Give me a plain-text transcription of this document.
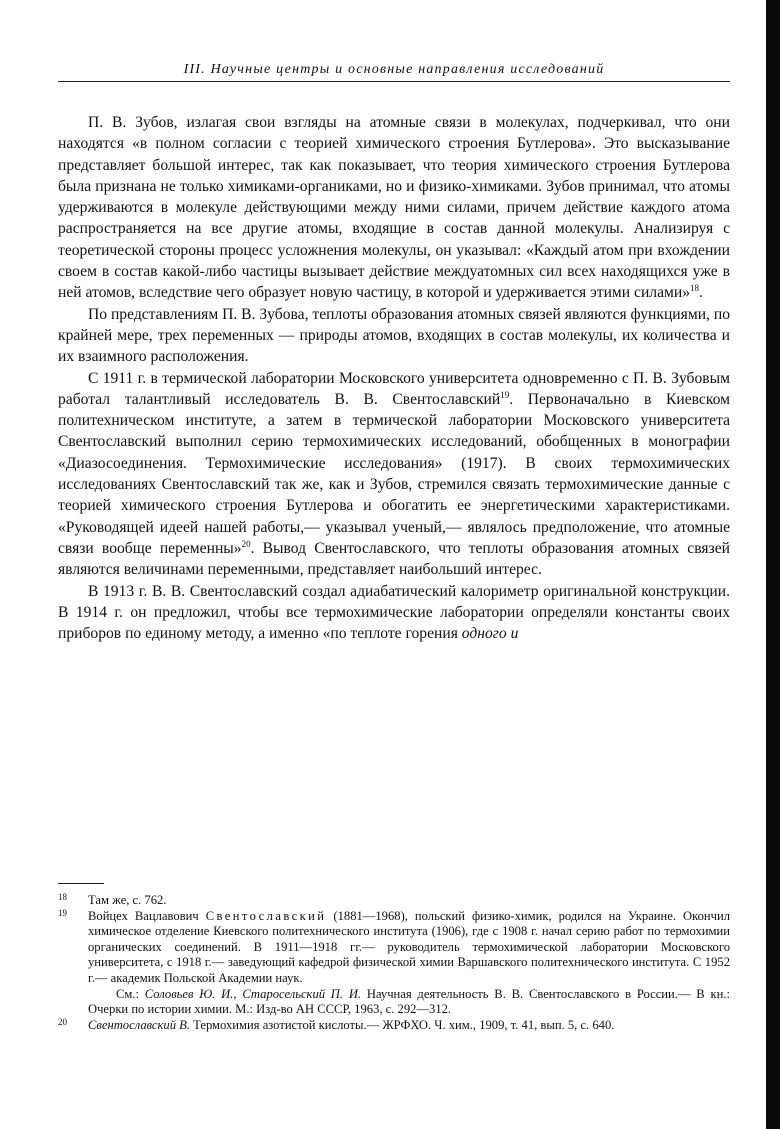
III. Научные центры и основные направления исследований

П. В. Зубов, излагая свои взгляды на атомные связи в молекулах, подчеркивал, что они находятся «в полном согласии с теорией химического строения Бутлерова». Это высказывание представляет большой интерес, так как показывает, что теория химического строения Бутлерова была признана не только химиками-органиками, но и физико-химиками. Зубов принимал, что атомы удерживаются в молекуле действующими между ними силами, причем действие каждого атома распространяется на все другие атомы, входящие в состав данной молекулы. Анализируя с теоретической стороны процесс усложнения молекулы, он указывал: «Каждый атом при вхождении своем в состав какой-либо частицы вызывает действие междуатомных сил всех находящихся уже в ней атомов, вследствие чего образует новую частицу, в которой и удерживается этими силами»$^{18}$.

По представлениям П. В. Зубова, теплоты образования атомных связей являются функциями, по крайней мере, трех переменных — природы атомов, входящих в состав молекулы, их количества и их взаимного расположения.

С 1911 г. в термической лаборатории Московского университета одновременно с П. В. Зубовым работал талантливый исследователь В. В. Свентославский$^{19}$. Первоначально в Киевском политехническом институте, а затем в термической лаборатории Московского университета Свентославский выполнил серию термохимических исследований, обобщенных в монографии «Диазосоединения. Термохимические исследования» (1917). В своих термохимических исследованиях Свентославский так же, как и Зубов, стремился связать термохимические данные с теорией химического строения Бутлерова и обогатить ее энергетическими характеристиками. «Руководящей идеей нашей работы,— указывал ученый,— являлось предположение, что атомные связи вообще переменны»$^{20}$. Вывод Свентославского, что теплоты образования атомных связей являются величинами переменными, представляет наибольший интерес.

В 1913 г. В. В. Свентославский создал адиабатический калориметр оригинальной конструкции. В 1914 г. он предложил, чтобы все термохимические лаборатории определяли константы своих приборов по единому методу, а именно «по теплоте горения одного и

18 Там же, с. 762.
19 Войцех Вацлавович Свентославский (1881—1968), польский физико-химик, родился на Украине. Окончил химическое отделение Киевского политехнического института (1906), где с 1908 г. начал серию работ по термохимии органических соединений. В 1911—1918 гг.— руководитель термохимической лаборатории Московского университета, с 1918 г.— заведующий кафедрой физической химии Варшавского политехнического института. С 1952 г.— академик Польской Академии наук.
См.: Соловьев Ю. И., Старосельский П. И. Научная деятельность В. В. Свентославского в России.— В кн.: Очерки по истории химии. М.: Изд-во АН СССР, 1963, с. 292—312.
20 Свентославский В. Термохимия азотистой кислоты.— ЖРФХО. Ч. хим., 1909, т. 41, вып. 5, с. 640.
